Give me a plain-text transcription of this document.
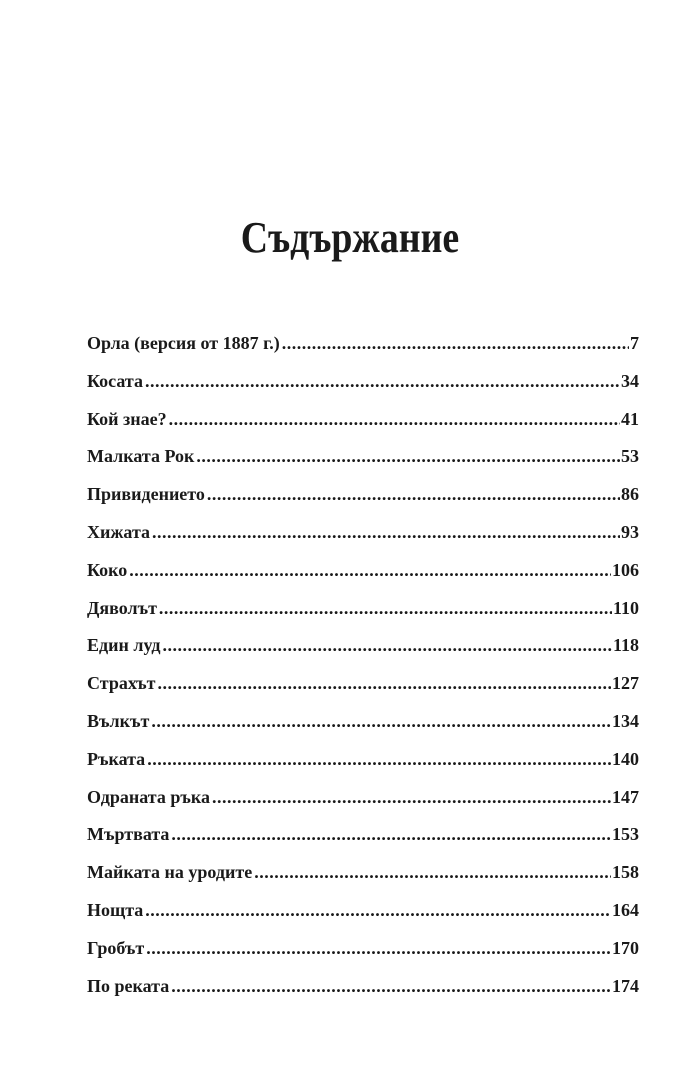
Съдържание
Орла (версия от 1887 г.) .....	7
Косата .....	34
Кой знае? .....	41
Малката Рок .....	53
Привидението .....	86
Хижата .....	93
Коко .....	106
Дяволът .....	110
Един луд .....	118
Страхът .....	127
Вълкът .....	134
Ръката .....	140
Одраната ръка .....	147
Мъртвата .....	153
Майката на уродите .....	158
Нощта .....	164
Гробът .....	170
По реката .....	174
